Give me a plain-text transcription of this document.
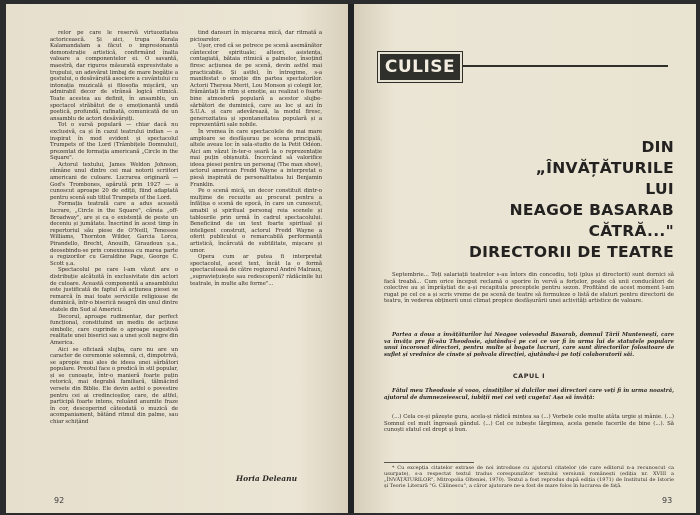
relor pe care le reservă virtuozitatea actoricească. Și aici, trupa Kerala Kalamandalam a făcut o impresionantă demonstrație artistică, confirmând înalta valoare a componentelor ei. O savantă, maestră, dar riguros măsurată expresivitate a trupului, un adevărat limbaj de mare bogăție a gestului, o desăvârșită asociere a cuvântului cu intonația muzicală și filosofia mișcării, un admirabil decor de strânsă logică ritmică. Toate acestea au definit, în ansamblu, un spectacol străbătut de o emoționantă undă poetică, profundă, rafinată, comunicată de un ansamblu de actori desăvârșiți.

Tot o sursă populară — chiar dacă nu exclusivă, ca și în cazul teatrului indian — a inspirat în mod evident și spectacolul Trumpets of the Lord (Trâmbițele Domnului), prezentat de formația americană „Circle in the Square".

Actorul textului, James Weldon Johnson, rămâne unul dintre cei mai notorii scriitori americani de culoare. Lucrarea originară — God's Trombones, apărută prin 1927 — a cunoscut aproape 20 de ediții, fiind adaptată pentru scenă sub titlul Trumpets of the Lord.

Formația teatrală care a adus această lucrare, „Circle in the Square", căreia „off-Broadway", are și ca o existență de peste un deceniu și jumătate. Înscriind în acest timp în repertoriul său piese de O'Neill, Tenessee Williams, Thornton Wilder, Garcia Lorca, Pirandello, Brecht, Anouilh, Giraudoux ș.a., deosebindu-se prin conexiunea cu marea parte a regizorilor cu Geraldine Page, George C. Scott ș.a.

Spectacolul pe care l-am văzut are o distribuție alcătuită în exclusivitate din actori de culoare. Această componentă a ansamblului este justificată de faptul că acțiunea piesei se remarcă în mai toate serviciile religioase de duminică, într-o biserică neagră din unul dintre statele din Sud al Americii.

Decorul, aproape rudimentar, dar perfect funcțional, constituind un mediu de acțiune simbolic, care cuprinde o aproape sugestivă realitate unei biserici sau a unei școli negre din America.

Aici se oficiază slujba, care nu are un caracter de ceremonie solemnă, ci, dimpotrivă, se apropie mai ales de ideea unei sărbători populare. Preotul face o predică în stil popular, și se cunoaște, într-o manieră foarte puțin retorică, mai degrabă familiară, tălmăcind versete din Biblie. Ele devin astfel o povestire pentru cei ai credincioșilor, care, de altfel, participă foarte intens, reluând anumite fraze în cor, descoperind câteodată o muzică de acompaniament, bătând ritmul din palme, sau chiar schițând

tind dansuri în mișcarea mică, dar ritmată a picioarelor.

Ușor, cred că se petrece pe scenă asemănător cântecelor spirituale; alteori, asistența, contagiată, bătaia ritmică a palmelor, însoțind firesc acțiunea de pe scenă, devin astfel mai practicabile. Și astfel, în întregime, s-a manifestat o emoție din partea spectatorilor. Actorii Theresa Merit, Lou Monson și colegii lor, frământați în ritm și emoție, au realizat o foarte bine atmosferă populară a acestor slujbe-sărbători de duminică, care au loc și azi în S.U.A. și care adevărează, la modul firesc, generozitatea și spontaneitatea populară și a reprezentării sale nobile.

În vremea în care spectacolele de mai mare amploare se desfășurau pe scena principală, altele aveau loc în sala-studio de la Petit Odéon. Aici am văzut în-ter-o seară la o reprezentație mai puțin obișnuită. Încercând să valorifice ideea piesei pentru un personaj (The man show), actorul american Fredd Wayne a interpretat o piesă inspirată de personalitatea lui Benjamin Franklin.

Pe o scenă mică, un decor constituit dintr-o mulțime de recuzite au procurat pentru a înfățișa o scenă de epocă, în care un cunoscut, amabil și spiritual personaj reia scenele și tablourile prin urmă în cadrul spectacolului. Beneficiind de un text foarte spiritual și inteligent construit, actorul Fredd Wayne a oferit publicului o remarcabilă performanță artistică, încărcată de subtilitate, mișcare și umor.

Opera cum ar putea fi interpretat spectacolul, acest text, încât la o formă spectaculoasă de către regizorul André Malraux, „supraviețuiește sau redescoperă? rădăcinile lui teatrale, în multe alte forme"...

Horia Deleanu
92
CULISE
DIN
„ÎNVĂȚĂTURILE
LUI
NEAGOE BASARAB
CĂTRĂ..."
DIRECTORII DE TEATRE

Septembrie... Toți salariații teatrelor s-au întors din concediu, toți (plus și directorii) sunt dornici să facă treabă... Cum orice început reclamă o sporire în vervă a forțelor, poate că unii conducători de colective au și împrăștiat de a-și recapitula preceptele pentru sezon. Profitând de acest moment l-am rugat pe cel ce a și scris vreme de pe scenă de teatre să formuleze o listă de sfaturi pentru directorii de teatru, în vederea obținerii unui climat propice desfășurării unei activități artistice de valoare.

Partea a doua a învățăturilor lui Neagoe voievodul Basarab, domnul Țării Muntenești, care va învăța pre fii-său Theodosie, ajutându-i pe cei ce vor fi în urma lui de statutele populare unui încoronat directori, pentru multe și bogate lucruri, care sunt directorilor folositoare de suflet și vrednice de cinste și pohvala direcției, ajutându-i pe toți colaboratorii săi.

CAPUL I

Fătul meu Theodosie și voao, cinstiților și dulcilor mei directori care veți fi în urma noastră, ajutorul de dumnezeieescul, iubiții mei cei veți cugeta! Așa să învăță:

(...) Cela ce-și păzește gura, acela-și rădică mintea sa (...) Vorbele cele multe atâta urgie și mânie. (...) Somnul cel mult îngroașă gândul. (...) Cel ce iubește lărgimea, acela genele facerile de bine (...). Să cunoști sfatul cel drept și bun.

* Cu excepția citatelor extrase de noi introduse cu ajutorul citatelor (de care editorul n-a recunoscut ca usurpate), s-a respectat textul tradus corespunzător textului versiunii românești (ediția nr. XVIII a „ÎNVĂȚĂTURILOR", Mitropolia Olteniei, 1970). Textul a fost reprodus după ediția (1971) de Institutul de Istorie și Teorie Literară "G. Călinescu", a căror ajutorare ne-a fost de mare folos în lucrarea de față.

93
